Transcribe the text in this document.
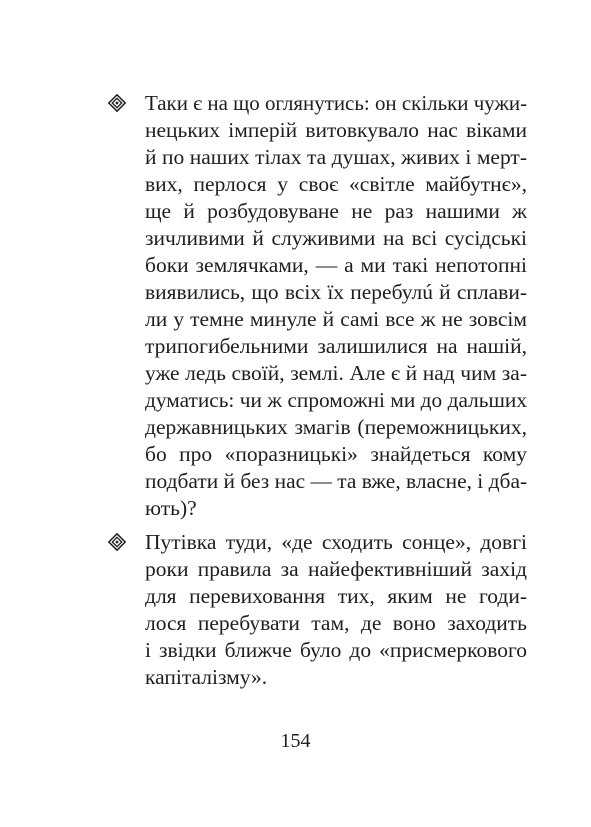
Таки є на що оглянутись: он скільки чужи-
нецьких імперій витовкувало нас віками
й по наших тілах та душах, живих і мерт-
вих, перлося у своє «світле майбутнє»,
ще й розбудовуване не раз нашими ж
зичливими й служивими на всі сусідські
боки землячками, — а ми такі непотопні
виявились, що всіх їх перебулú й сплави-
ли у темне минуле й самі все ж не зовсім
трипогибельними залишилися на нашій,
уже ледь своїй, землі. Але є й над чим за-
думатись: чи ж спроможні ми до дальших
державницьких змагів (переможницьких,
бо про «поразницькі» знайдеться кому
подбати й без нас — та вже, власне, і дба-
ють)?
Путівка туди, «де сходить сонце», довгі
роки правила за найефективніший захід
для перевиховання тих, яким не годи-
лося перебувати там, де воно заходить
і звідки ближче було до «присмеркового
капіталізму».
154
